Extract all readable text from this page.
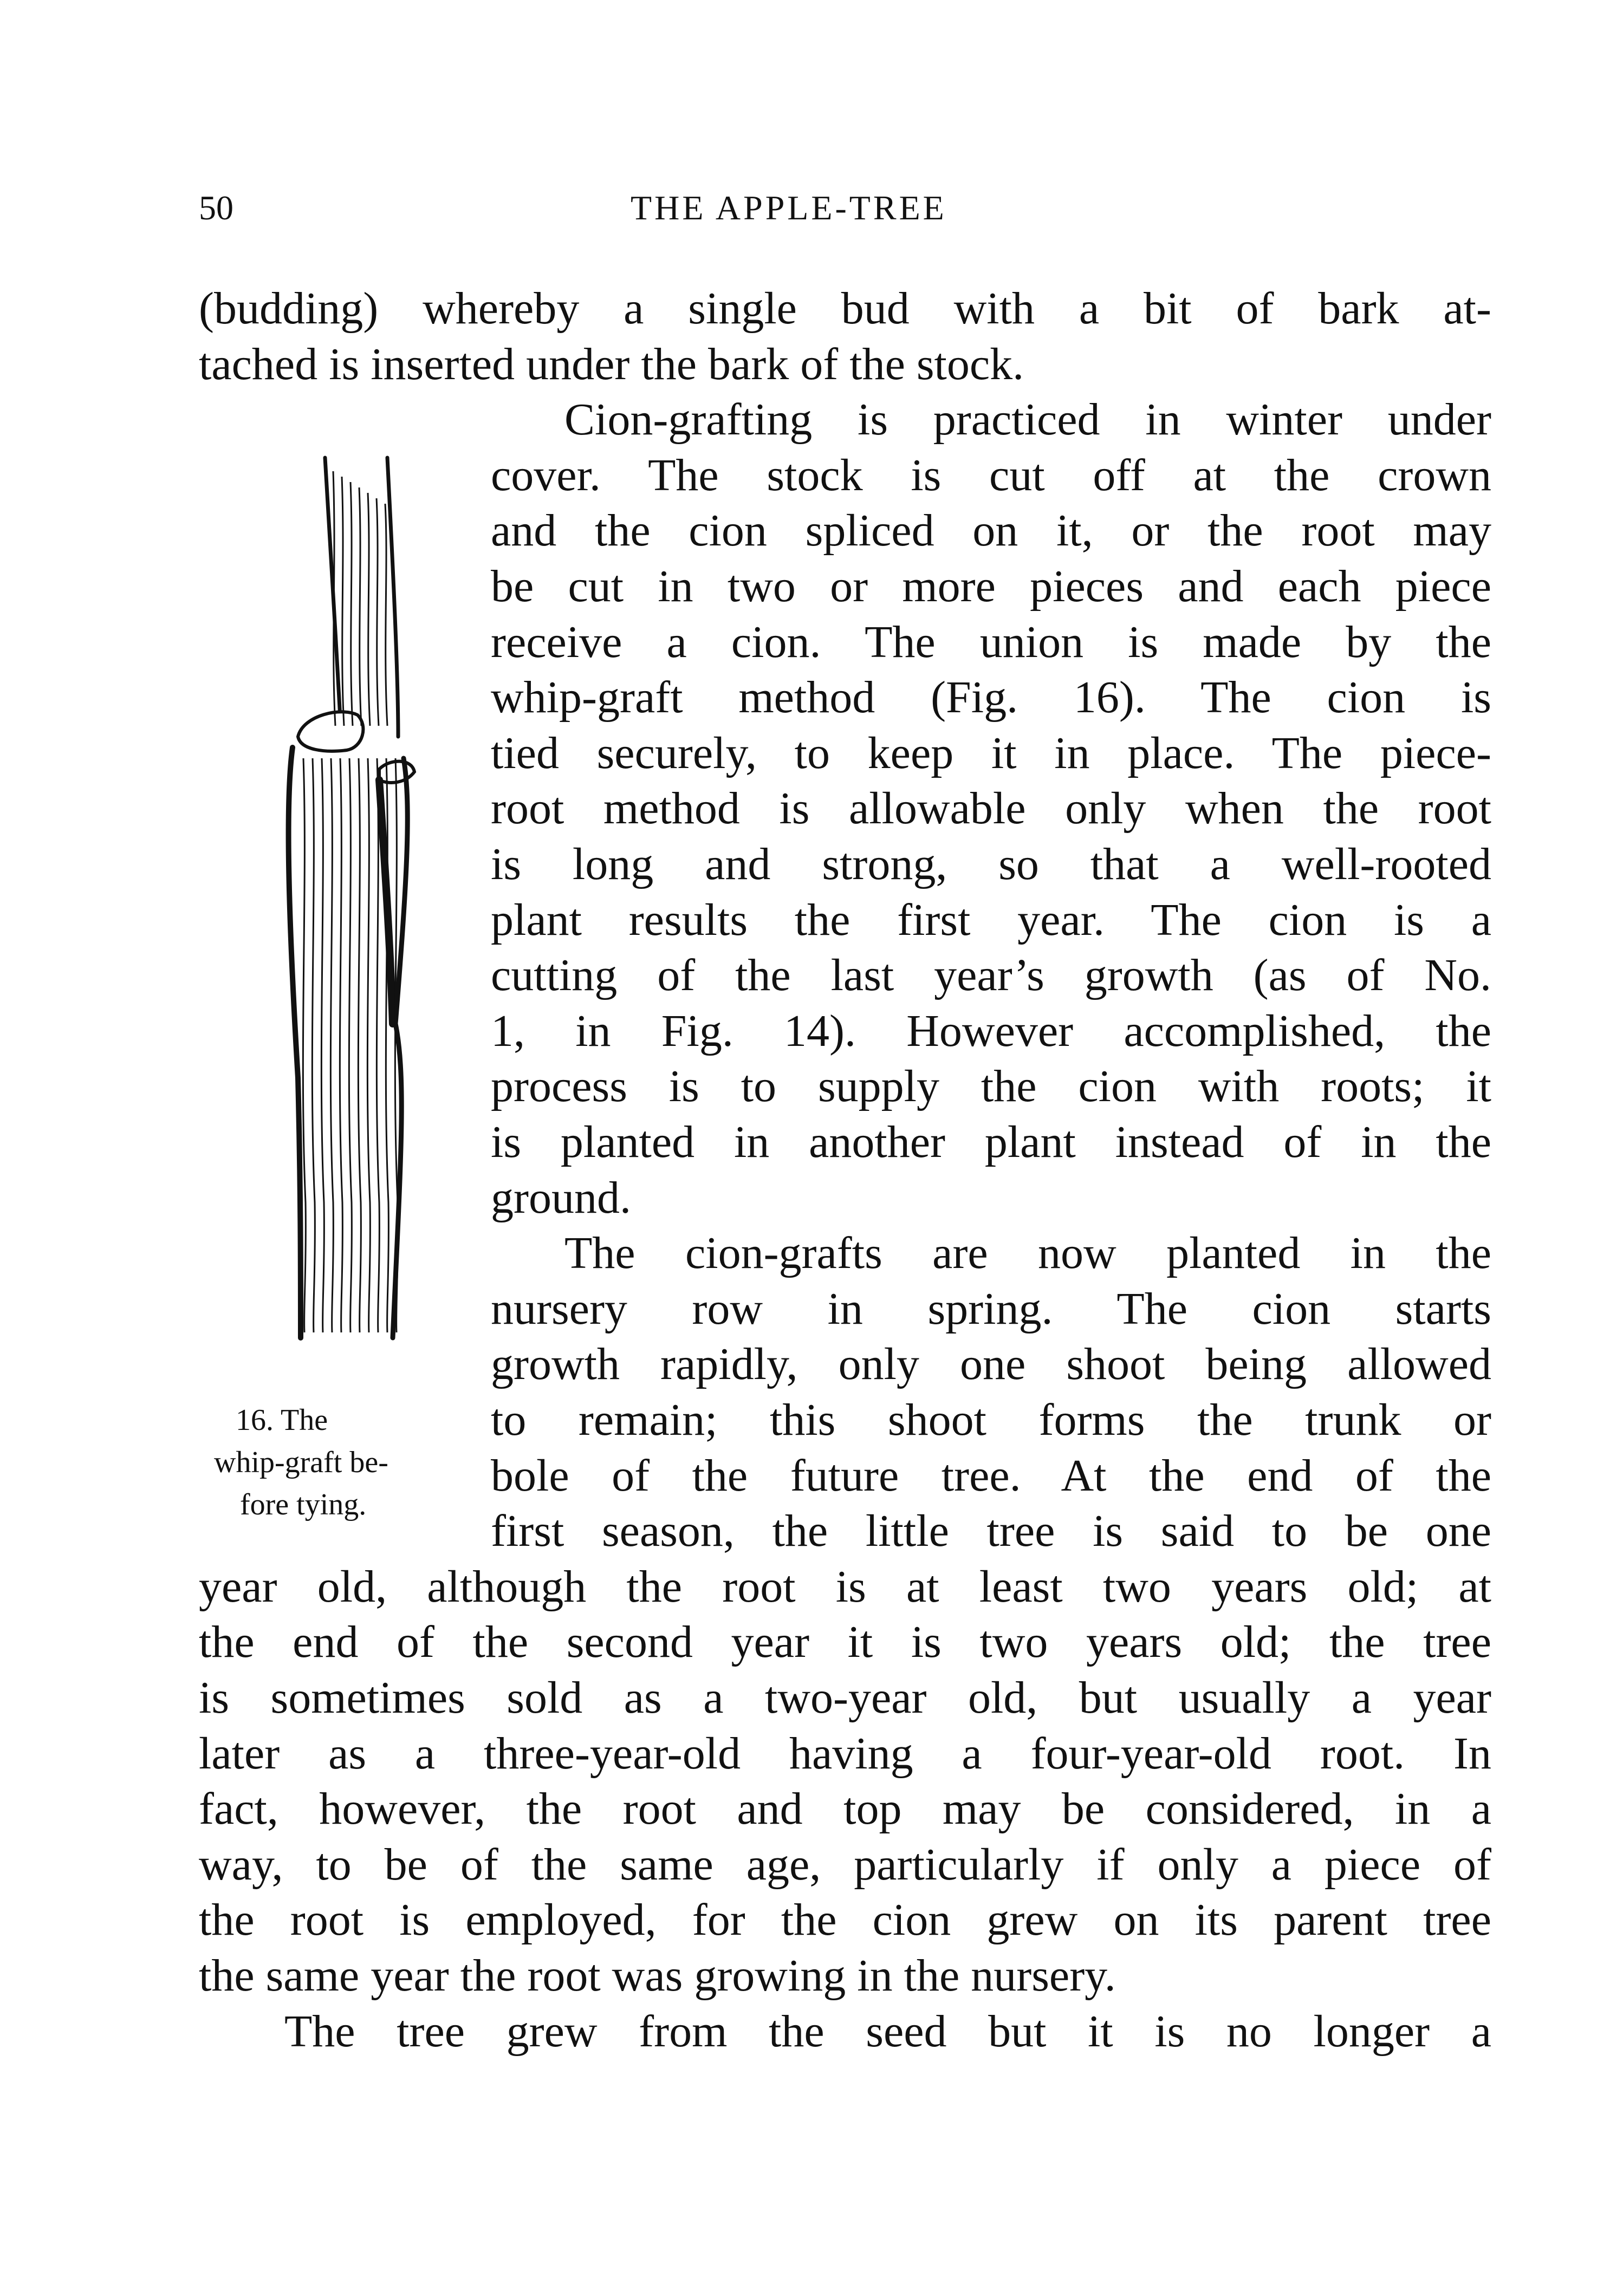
50	THE APPLE-TREE
(budding) whereby a single bud with a bit of bark at-
tached is inserted under the bark of the stock.
Cion-grafting is practiced in winter under
cover. The stock is cut off at the crown
and the cion spliced on it, or the root may
be cut in two or more pieces and each piece
receive a cion. The union is made by the
whip-graft method (Fig. 16). The cion is
tied securely, to keep it in place. The piece-
root method is allowable only when the root
is long and strong, so that a well-rooted
plant results the first year. The cion is a
cutting of the last year’s growth (as of No.
1, in Fig. 14). However accomplished, the
process is to supply the cion with roots; it
is planted in another plant instead of in the
ground.
The cion-grafts are now planted in the
nursery row in spring. The cion starts
growth rapidly, only one shoot being allowed
to remain; this shoot forms the trunk or
bole of the future tree. At the end of the
first season, the little tree is said to be one
year old, although the root is at least two years old; at
the end of the second year it is two years old; the tree
is sometimes sold as a two-year old, but usually a year
later as a three-year-old having a four-year-old root. In
fact, however, the root and top may be considered, in a
way, to be of the same age, particularly if only a piece of
the root is employed, for the cion grew on its parent tree
the same year the root was growing in the nursery.
The tree grew from the seed but it is no longer a
16. The
whip-graft be-
fore tying.
